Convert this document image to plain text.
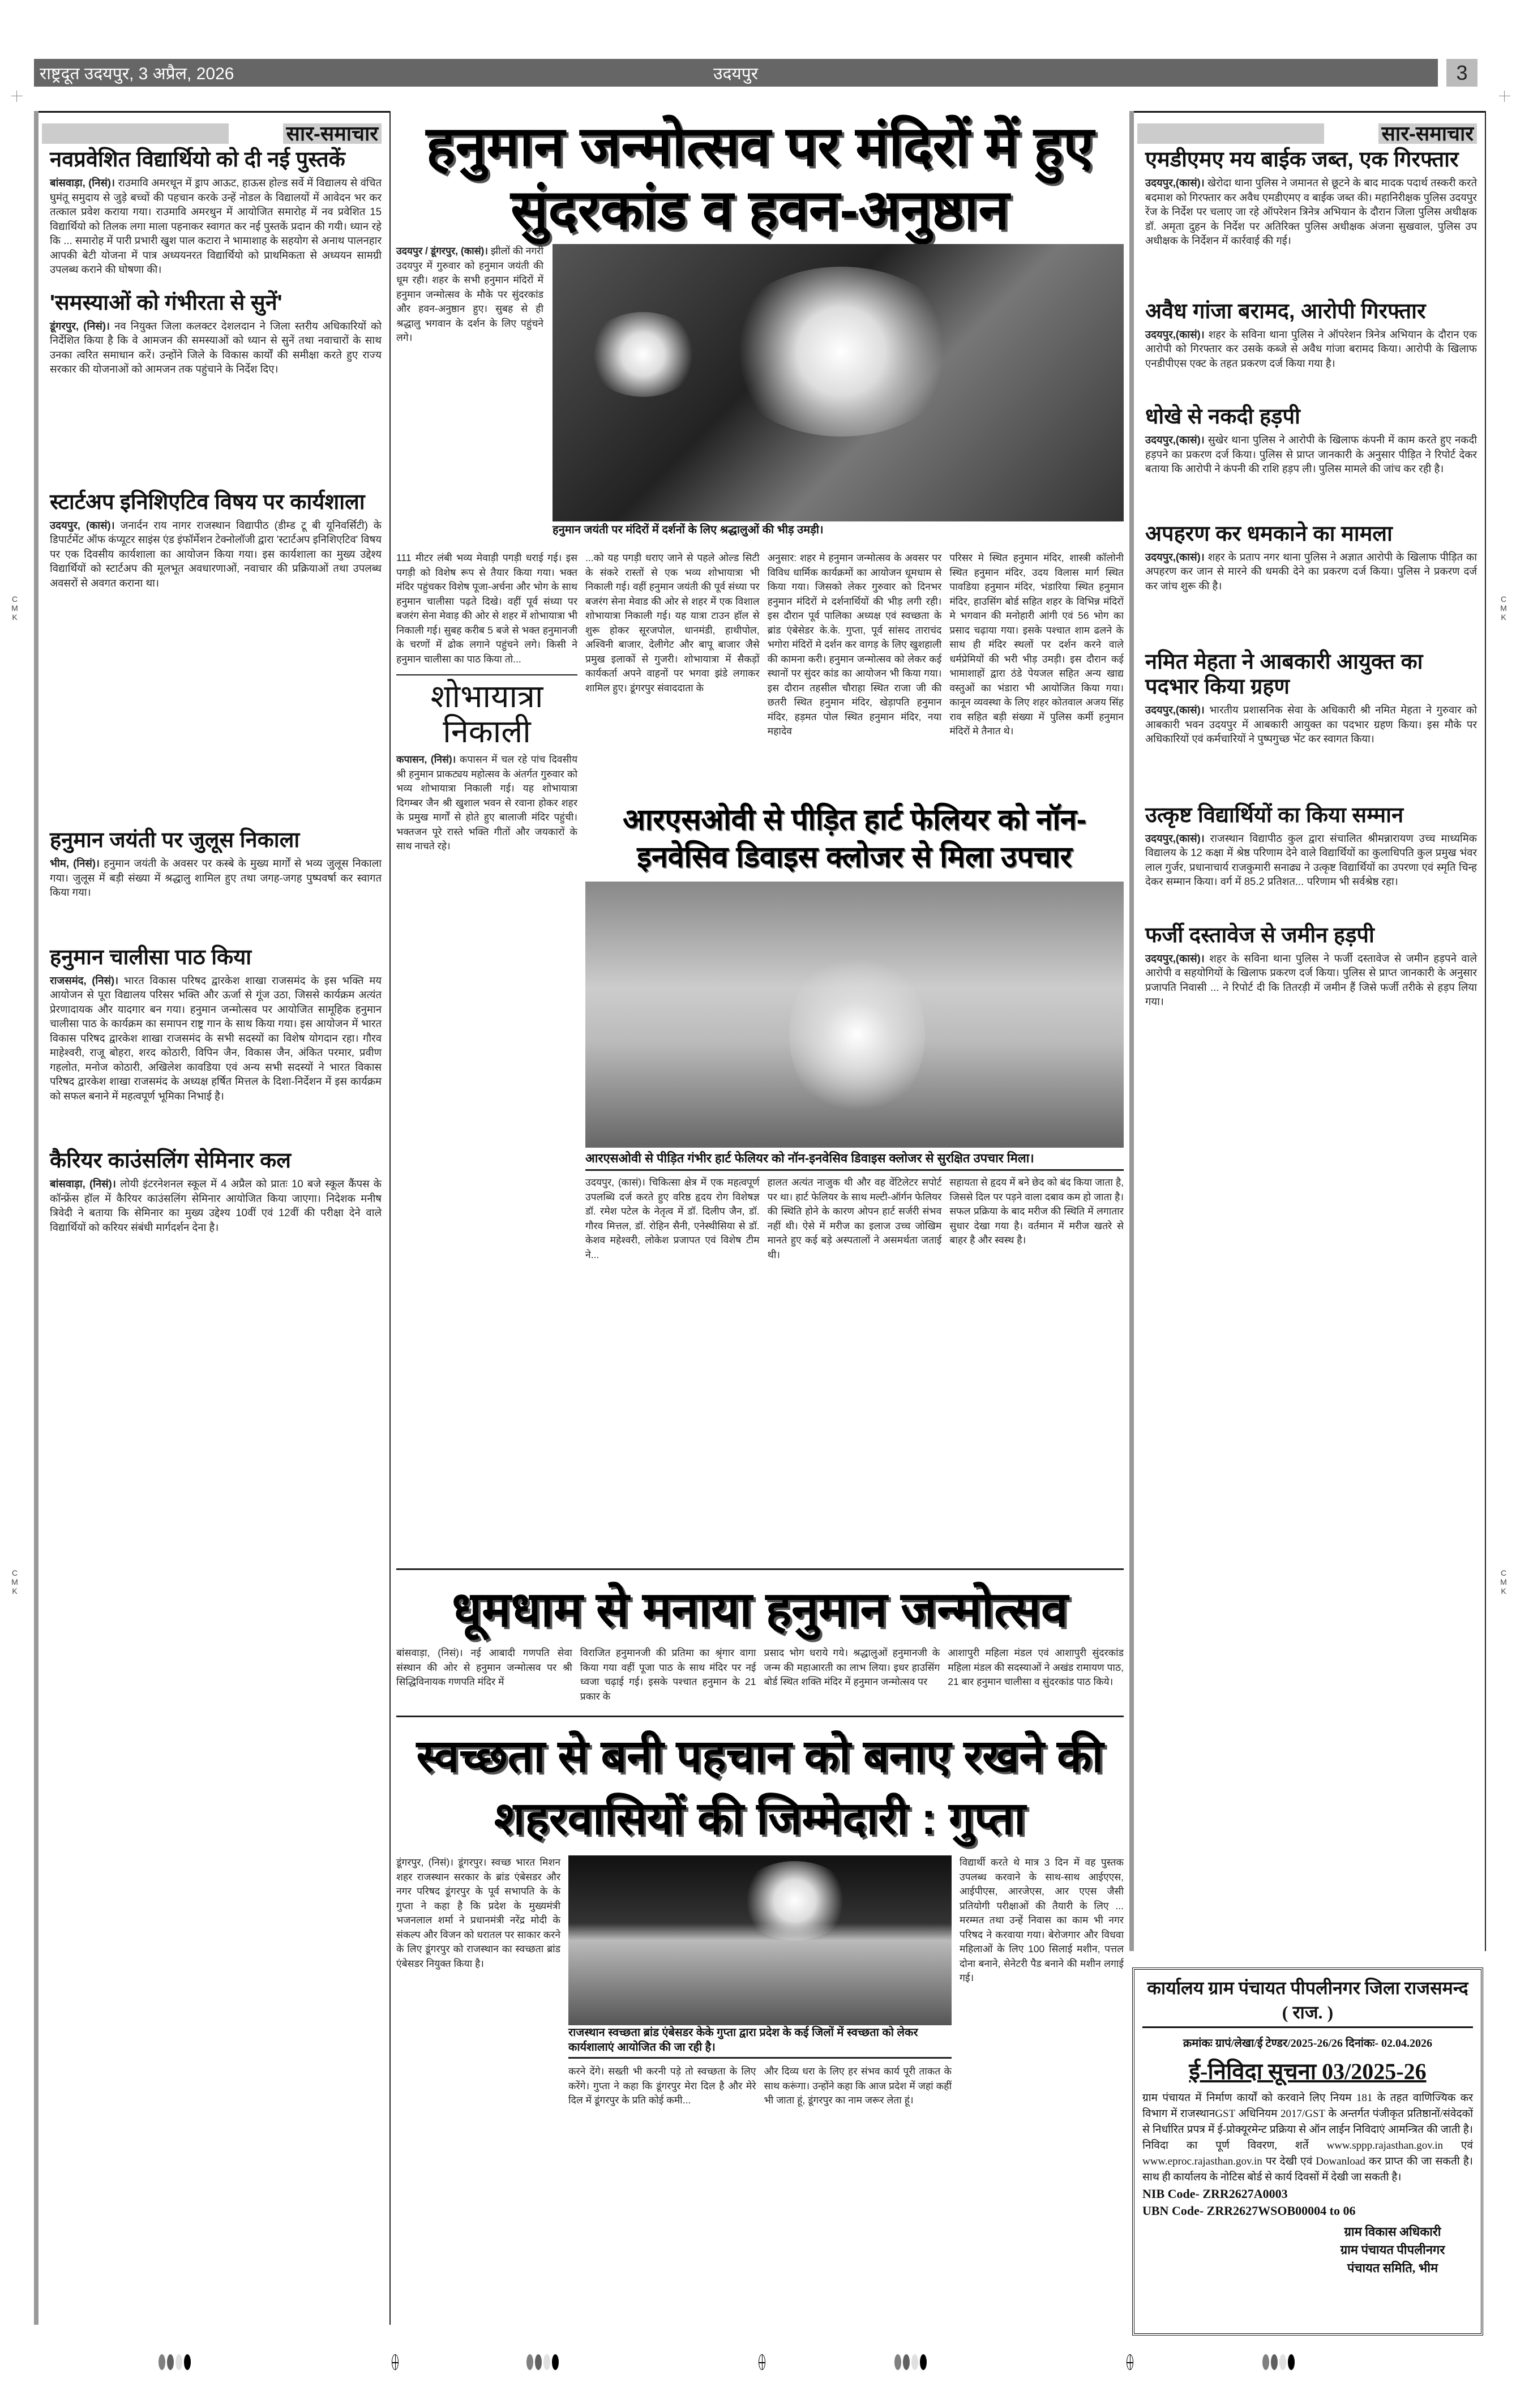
राष्ट्रदूत उदयपुर, 3 अप्रैल, 2026	उदयपुर	3
C
M
K
C
M
K
C
M
K
C
M
K
सार-समाचार
नवप्रवेशित विद्यार्थियो को दी नई पुस्तकें

बांसवाड़ा, (निसं)। राउमावि अमरथून में ड्राप आऊट, हाऊस होल्ड सर्वे में विद्यालय से वंचित घुमंतू समुदाय से जुड़े बच्चों की पहचान करके उन्हें नोडल के विद्यालयों में आवेदन भर कर तत्काल प्रवेश कराया गया। राउमावि अमरथुन में आयोजित समारोह में नव प्रवेशित 15 विद्यार्थियो को तिलक लगा माला पहनाकर स्वागत कर नई पुस्तकें प्रदान की गयी। ध्यान रहे कि ... समारोह में पारी प्रभारी खुश पाल कटारा ने भामाशाह के सहयोग से अनाथ पालनहार आपकी बेटी योजना में पात्र अध्ययनरत विद्यार्थियो को प्राथमिकता से अध्ययन सामग्री उपलब्ध कराने की घोषणा की।

'समस्याओं को गंभीरता से सुनें'

डूंगरपुर, (निसं)। नव नियुक्त जिला कलक्टर देशलदान ने जिला स्तरीय अधिकारियों को निर्देशित किया है कि वे आमजन की समस्याओं को ध्यान से सुनें तथा नवाचारों के साथ उनका त्वरित समाधान करें। उन्होंने जिले के विकास कार्यों की समीक्षा करते हुए राज्य सरकार की योजनाओं को आमजन तक पहुंचाने के निर्देश दिए।

स्टार्टअप इनिशिएटिव विषय पर कार्यशाला

उदयपुर, (कासं)। जनार्दन राय नागर राजस्थान विद्यापीठ (डीम्ड टू बी यूनिवर्सिटी) के डिपार्टमेंट ऑफ कंप्यूटर साइंस एंड इंफॉर्मेशन टेक्नोलॉजी द्वारा 'स्टार्टअप इनिशिएटिव' विषय पर एक दिवसीय कार्यशाला का आयोजन किया गया। इस कार्यशाला का मुख्य उद्देश्य विद्यार्थियों को स्टार्टअप की मूलभूत अवधारणाओं, नवाचार की प्रक्रियाओं तथा उपलब्ध अवसरों से अवगत कराना था।

हनुमान जयंती पर जुलूस निकाला

भीम, (निसं)। हनुमान जयंती के अवसर पर कस्बे के मुख्य मार्गों से भव्य जुलूस निकाला गया। जुलूस में बड़ी संख्या में श्रद्धालु शामिल हुए तथा जगह-जगह पुष्पवर्षा कर स्वागत किया गया।

हनुमान चालीसा पाठ किया

राजसमंद, (निसं)। भारत विकास परिषद द्वारकेश शाखा राजसमंद के इस भक्ति मय आयोजन से पूरा विद्यालय परिसर भक्ति और ऊर्जा से गूंज उठा, जिससे कार्यक्रम अत्यंत प्रेरणादायक और यादगार बन गया। हनुमान जन्मोत्सव पर आयोजित सामूहिक हनुमान चालीसा पाठ के कार्यक्रम का समापन राष्ट्र गान के साथ किया गया। इस आयोजन में भारत विकास परिषद द्वारकेश शाखा राजसमंद के सभी सदस्यों का विशेष योगदान रहा। गौरव माहेश्वरी, राजू बोहरा, शरद कोठारी, विपिन जैन, विकास जैन, अंकित परमार, प्रवीण गहलोत, मनोज कोठारी, अखिलेश कावडिया एवं अन्य सभी सदस्यों ने भारत विकास परिषद द्वारकेश शाखा राजसमंद के अध्यक्ष हर्षित मित्तल के दिशा-निर्देशन में इस कार्यक्रम को सफल बनाने में महत्वपूर्ण भूमिका निभाई है।

कैरियर काउंसलिंग सेमिनार कल

बांसवाड़ा, (निसं)। लोयी इंटरनेशनल स्कूल में 4 अप्रैल को प्रातः 10 बजे स्कूल कैंपस के कॉन्फ्रेंस हॉल में कैरियर काउंसलिंग सेमिनार आयोजित किया जाएगा। निदेशक मनीष त्रिवेदी ने बताया कि सेमिनार का मुख्य उद्देश्य 10वीं एवं 12वीं की परीक्षा देने वाले विद्यार्थियों को करियर संबंधी मार्गदर्शन देना है।

हनुमान जन्मोत्सव पर मंदिरों में हुए सुंदरकांड व हवन-अनुष्ठान

उदयपुर / डूंगरपुर, (कासं)। झीलों की नगरी उदयपुर में गुरुवार को हनुमान जयंती की धूम रही। शहर के सभी हनुमान मंदिरों में हनुमान जन्मोत्सव के मौके पर सुंदरकांड और हवन-अनुष्ठान हुए। सुबह से ही श्रद्धालु भगवान के दर्शन के लिए पहुंचने लगे।

हनुमान जयंती पर मंदिरों में दर्शनों के लिए श्रद्धालुओं की भीड़ उमड़ी।

111 मीटर लंबी भव्य मेवाड़ी पगड़ी धराई गई। इस पगड़ी को विशेष रूप से तैयार किया गया। भक्त मंदिर पहुंचकर विशेष पूजा-अर्चना और भोग के साथ हनुमान चालीसा पढ़ते दिखे। वहीं पूर्व संध्या पर बजरंग सेना मेवाड़ की ओर से शहर में शोभायात्रा भी निकाली गई। सुबह करीब 5 बजे से भक्त हनुमानजी के चरणों में ढोक लगाने पहुंचने लगे। किसी ने हनुमान चालीसा का पाठ किया तो...

शोभायात्रा निकाली

कपासन, (निसं)। कपासन में चल रहे पांच दिवसीय श्री हनुमान प्राकट्यय महोत्सव के अंतर्गत गुरुवार को भव्य शोभायात्रा निकाली गई। यह शोभायात्रा दिगम्बर जैन श्री खुशाल भवन से रवाना होकर शहर के प्रमुख मार्गों से होते हुए बालाजी मंदिर पहुंची। भक्तजन पूरे रास्ते भक्ति गीतों और जयकारों के साथ नाचते रहे।

...को यह पगड़ी धराए जाने से पहले ओल्ड सिटी के संकरे रास्तों से एक भव्य शोभायात्रा भी निकाली गई। वहीं हनुमान जयंती की पूर्व संध्या पर बजरंग सेना मेवाड की ओर से शहर में एक विशाल शोभायात्रा निकाली गई। यह यात्रा टाउन हॉल से शुरू होकर सूरजपोल, धानमंडी, हाथीपोल, अश्विनी बाजार, देलीगेट और बापू बाजार जैसे प्रमुख इलाकों से गुजरी। शोभायात्रा में सैकड़ों कार्यकर्ता अपने वाहनों पर भगवा झंडे लगाकर शामिल हुए। डूंगरपुर संवाददाता के

अनुसार: शहर मे हनुमान जन्मोत्सव के अवसर पर विविध धार्मिक कार्यक्रमों का आयोजन धूमधाम से किया गया। जिसको लेकर गुरुवार को दिनभर हनुमान मंदिरों मे दर्शनार्थियों की भीड़ लगी रही। इस दौरान पूर्व पालिका अध्यक्ष एवं स्वच्छता के ब्रांड एंबेसेडर के.के. गुप्ता, पूर्व सांसद ताराचंद भगोरा मंदिरों मे दर्शन कर वागड़ के लिए खुशहाली की कामना करी। हनुमान जन्मोत्सव को लेकर कई स्थानों पर सुंदर कांड का आयोजन भी किया गया। इस दौरान तहसील चौराहा स्थित राजा जी की छतरी स्थित हनुमान मंदिर, खेड़ापति हनुमान मंदिर, हड़मत पोल स्थित हनुमान मंदिर, नया महादेव

परिसर मे स्थित हनुमान मंदिर, शास्त्री कॉलोनी स्थित हनुमान मंदिर, उदय विलास मार्ग स्थित पावडिया हनुमान मंदिर, भंडारिया स्थित हनुमान मंदिर, हाउसिंग बोर्ड सहित शहर के विभिन्न मंदिरों मे भगवान की मनोहारी आंगी एवं 56 भोग का प्रसाद चढ़ाया गया। इसके पश्चात शाम ढलने के साथ ही मंदिर स्थलों पर दर्शन करने वाले धर्मप्रेमियों की भरी भीड़ उमड़ी। इस दौरान कई भामाशाहों द्वारा ठंडे पेयजल सहित अन्य खाद्य वस्तुओं का भंडारा भी आयोजित किया गया। कानून व्यवस्था के लिए शहर कोतवाल अजय सिंह राव सहित बड़ी संख्या में पुलिस कर्मी हनुमान मंदिरों मे तैनात थे।

आरएसओवी से पीड़ित हार्ट फेलियर को नॉन-इनवेसिव डिवाइस क्लोजर से मिला उपचार
आरएसओवी से पीड़ित गंभीर हार्ट फेलियर को नॉन-इनवेसिव डिवाइस क्लोजर से सुरक्षित उपचार मिला।

उदयपुर, (कासं)। चिकित्सा क्षेत्र में एक महत्वपूर्ण उपलब्धि दर्ज करते हुए वरिष्ठ हृदय रोग विशेषज्ञ डॉ. रमेश पटेल के नेतृत्व में डॉ. दिलीप जैन, डॉ. गौरव मित्तल, डॉ. रोहिन सैनी, एनेस्थीसिया से डॉ. केशव महेश्वरी, लोकेश प्रजापत एवं विशेष टीम ने...

हालत अत्यंत नाजुक थी और वह वेंटिलेटर सपोर्ट पर था। हार्ट फेलियर के साथ मल्टी-ऑर्गन फेलियर की स्थिति होने के कारण ओपन हार्ट सर्जरी संभव नहीं थी। ऐसे में मरीज का इलाज उच्च जोखिम मानते हुए कई बड़े अस्पतालों ने असमर्थता जताई थी।

सहायता से हृदय में बने छेद को बंद किया जाता है, जिससे दिल पर पड़ने वाला दबाव कम हो जाता है। सफल प्रक्रिया के बाद मरीज की स्थिति में लगातार सुधार देखा गया है। वर्तमान में मरीज खतरे से बाहर है और स्वस्थ है।

धूमधाम से मनाया हनुमान जन्मोत्सव

बांसवाड़ा, (निसं)। नई आबादी गणपति सेवा संस्थान की ओर से हनुमान जन्मोत्सव पर श्री सिद्धिविनायक गणपति मंदिर में

विराजित हनुमानजी की प्रतिमा का श्रृंगार वागा किया गया वहीं पूजा पाठ के साथ मंदिर पर नई ध्वजा चढ़ाई गई। इसके पश्चात हनुमान के 21 प्रकार के

प्रसाद भोग धराये गये। श्रद्धालुओं हनुमानजी के जन्म की महाआरती का लाभ लिया। इधर हाउसिंग बोर्ड स्थित शक्ति मंदिर में हनुमान जन्मोत्सव पर

आशापुरी महिला मंडल एवं आशापुरी सुंदरकांड महिला मंडल की सदस्याओं ने अखंड रामायण पाठ, 21 बार हनुमान चालीसा व सुंदरकांड पाठ किये।

स्वच्छता से बनी पहचान को बनाए रखने की शहरवासियों की जिम्मेदारी : गुप्ता

डूंगरपुर, (निसं)। डूंगरपुर। स्वच्छ भारत मिशन शहर राजस्थान सरकार के ब्रांड एंबेसडर और नगर परिषद डूंगरपुर के पूर्व सभापति के के गुप्ता ने कहा है कि प्रदेश के मुख्यमंत्री भजनलाल शर्मा ने प्रधानमंत्री नरेंद्र मोदी के संकल्प और विजन को धरातल पर साकार करने के लिए डूंगरपुर को राजस्थान का स्वच्छता ब्रांड एंबेसडर नियुक्त किया है।

राजस्थान स्वच्छता ब्रांड एंबेसडर केके गुप्ता द्वारा प्रदेश के कई जिलों में स्वच्छता को लेकर कार्यशालाएं आयोजित की जा रही है।

करने देंगे। सख्ती भी करनी पड़े तो स्वच्छता के लिए करेंगे। गुप्ता ने कहा कि डूंगरपुर मेरा दिल है और मेरे दिल में डूंगरपुर के प्रति कोई कमी...

और दिव्य धरा के लिए हर संभव कार्य पूरी ताकत के साथ करूंगा। उन्होंने कहा कि आज प्रदेश में जहां कहीं भी जाता हूं, डूंगरपुर का नाम जरूर लेता हूं।

विद्यार्थी करते थे मात्र 3 दिन में वह पुस्तक उपलब्ध करवाने के साथ-साथ आईएएस, आईपीएस, आरजेएस, आर एएस जैसी प्रतियोगी परीक्षाओं की तैयारी के लिए ... मरम्मत तथा उन्हें निवास का काम भी नगर परिषद ने करवाया गया। बेरोजगार और विधवा महिलाओं के लिए 100 सिलाई मशीन, पत्तल दोना बनाने, सेनेटरी पैड बनाने की मशीन लगाई गई।

सार-समाचार
एमडीएमए मय बाईक जब्त, एक गिरफ्तार

उदयपुर,(कासं)। खेरोदा थाना पुलिस ने जमानत से छूटने के बाद मादक पदार्थ तस्करी करते बदमाश को गिरफ्तार कर अवैध एमडीएमए व बाईक जब्त की। महानिरीक्षक पुलिस उदयपुर रेंज के निर्देश पर चलाए जा रहे ऑपरेशन त्रिनेत्र अभियान के दौरान जिला पुलिस अधीक्षक डॉ. अमृता दुहन के निर्देश पर अतिरिक्त पुलिस अधीक्षक अंजना सुखवाल, पुलिस उप अधीक्षक के निर्देशन में कार्रवाई की गई।

अवैध गांजा बरामद, आरोपी गिरफ्तार

उदयपुर,(कासं)। शहर के सविना थाना पुलिस ने ऑपरेशन त्रिनेत्र अभियान के दौरान एक आरोपी को गिरफ्तार कर उसके कब्जे से अवैध गांजा बरामद किया। आरोपी के खिलाफ एनडीपीएस एक्ट के तहत प्रकरण दर्ज किया गया है।

धोखे से नकदी हड़पी

उदयपुर,(कासं)। सुखेर थाना पुलिस ने आरोपी के खिलाफ कंपनी में काम करते हुए नकदी हड़पने का प्रकरण दर्ज किया। पुलिस से प्राप्त जानकारी के अनुसार पीड़ित ने रिपोर्ट देकर बताया कि आरोपी ने कंपनी की राशि हड़प ली। पुलिस मामले की जांच कर रही है।

अपहरण कर धमकाने का मामला

उदयपुर,(कासं)। शहर के प्रताप नगर थाना पुलिस ने अज्ञात आरोपी के खिलाफ पीड़ित का अपहरण कर जान से मारने की धमकी देने का प्रकरण दर्ज किया। पुलिस ने प्रकरण दर्ज कर जांच शुरू की है।

नमित मेहता ने आबकारी आयुक्त का पदभार किया ग्रहण

उदयपुर,(कासं)। भारतीय प्रशासनिक सेवा के अधिकारी श्री नमित मेहता ने गुरुवार को आबकारी भवन उदयपुर में आबकारी आयुक्त का पदभार ग्रहण किया। इस मौके पर अधिकारियों एवं कर्मचारियों ने पुष्पगुच्छ भेंट कर स्वागत किया।

उत्कृष्ट विद्यार्थियों का किया सम्मान

उदयपुर,(कासं)। राजस्थान विद्यापीठ कुल द्वारा संचालित श्रीमन्नारायण उच्च माध्यमिक विद्यालय के 12 कक्षा में श्रेष्ठ परिणाम देने वाले विद्यार्थियों का कुलाधिपति कुल प्रमुख भंवर लाल गुर्जर, प्रधानाचार्य राजकुमारी सनाढ्य ने उत्कृष्ट विद्यार्थियों का उपरणा एवं स्मृति चिन्ह देकर सम्मान किया। वर्ग में 85.2 प्रतिशत... परिणाम भी सर्वश्रेष्ठ रहा।

फर्जी दस्तावेज से जमीन हड़पी

उदयपुर,(कासं)। शहर के सविना थाना पुलिस ने फर्जी दस्तावेज से जमीन हड़पने वाले आरोपी व सहयोगियों के खिलाफ प्रकरण दर्ज किया। पुलिस से प्राप्त जानकारी के अनुसार प्रजापति निवासी ... ने रिपोर्ट दी कि तितरड़ी में जमीन हैं जिसे फर्जी तरीके से हड़प लिया गया।

कार्यालय ग्राम पंचायत पीपलीनगर जिला राजसमन्द ( राज. )
क्रमांकः ग्रापं/लेखा/ई टेण्डर/2025-26/26 दिनांकः- 02.04.2026
ई-निविदा सूचना 03/2025-26

ग्राम पंचायत में निर्माण कार्यों को करवाने लिए नियम 181 के तहत वाणिज्यिक कर विभाग में राजस्थानGST अधिनियम 2017/GST के अन्तर्गत पंजीकृत प्रतिष्ठानों/संवेदकों से निर्धारित प्रपत्र में ई-प्रोक्यूरमेन्ट प्रक्रिया से ऑन लाईन निविदाएं आमन्त्रित की जाती है। निविदा का पूर्ण विवरण, शर्ते www.sppp.rajasthan.gov.in एवं www.eproc.rajasthan.gov.in पर देखी एवं Dowanload कर प्राप्त की जा सकती है। साथ ही कार्यालय के नोटिस बोर्ड से कार्य दिवसों में देखी जा सकती है।

NIB Code- ZRR2627A0003
UBN Code- ZRR2627WSOB00004 to 06
ग्राम विकास अधिकारी
ग्राम पंचायत पीपलीनगर
पंचायत समिति, भीम
